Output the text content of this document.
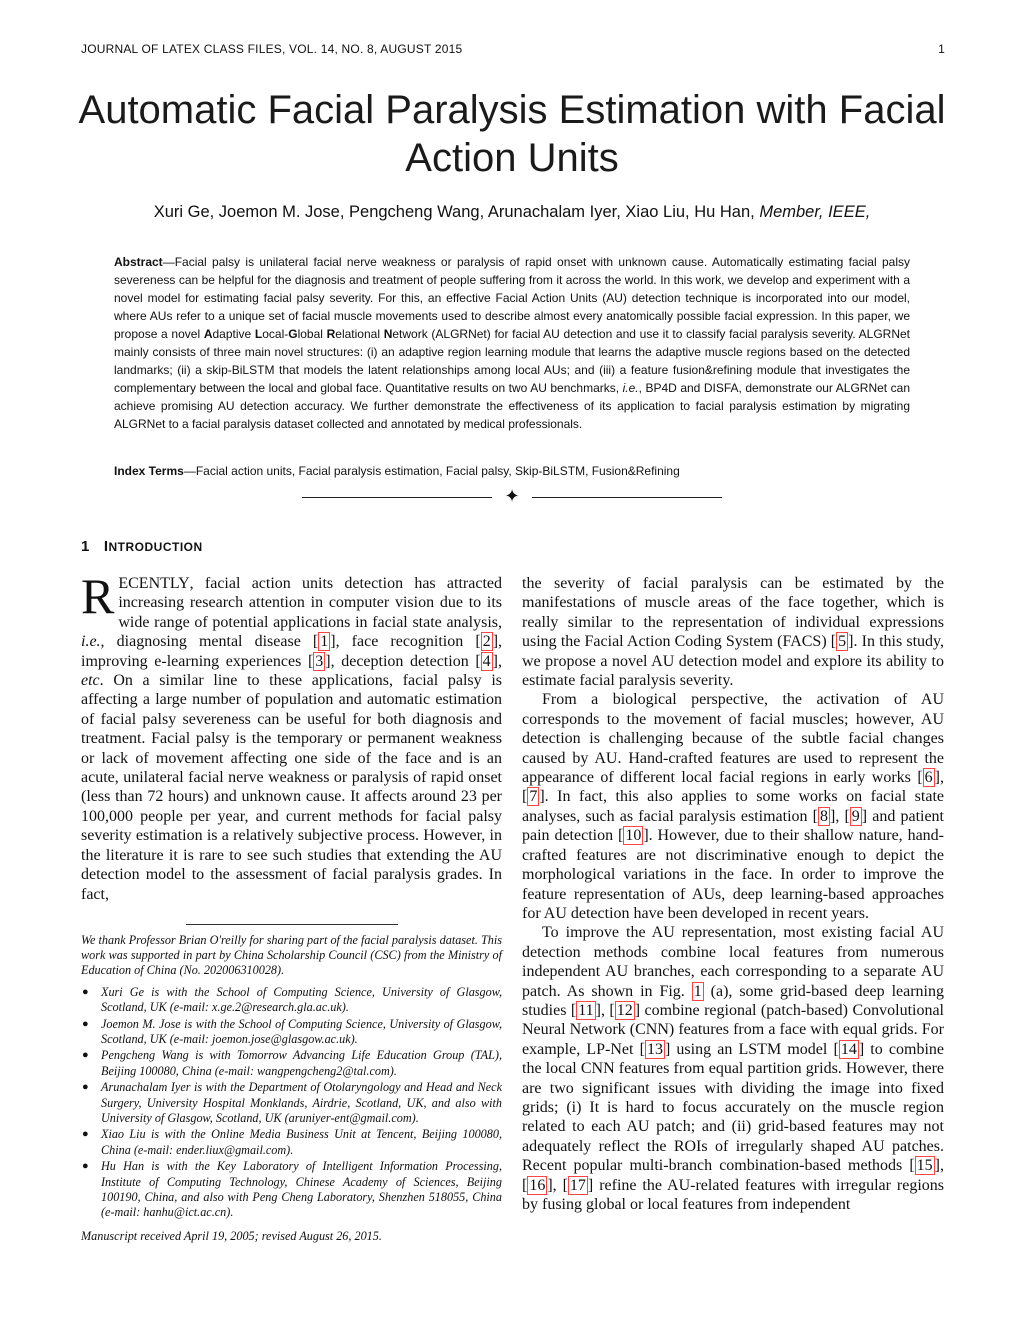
JOURNAL OF LATEX CLASS FILES, VOL. 14, NO. 8, AUGUST 2015	1
Automatic Facial Paralysis Estimation with Facial Action Units
Xuri Ge, Joemon M. Jose, Pengcheng Wang, Arunachalam Iyer, Xiao Liu, Hu Han, Member, IEEE,
Abstract—Facial palsy is unilateral facial nerve weakness or paralysis of rapid onset with unknown cause. Automatically estimating facial palsy severeness can be helpful for the diagnosis and treatment of people suffering from it across the world. In this work, we develop and experiment with a novel model for estimating facial palsy severity. For this, an effective Facial Action Units (AU) detection technique is incorporated into our model, where AUs refer to a unique set of facial muscle movements used to describe almost every anatomically possible facial expression. In this paper, we propose a novel Adaptive Local-Global Relational Network (ALGRNet) for facial AU detection and use it to classify facial paralysis severity. ALGRNet mainly consists of three main novel structures: (i) an adaptive region learning module that learns the adaptive muscle regions based on the detected landmarks; (ii) a skip-BiLSTM that models the latent relationships among local AUs; and (iii) a feature fusion&refining module that investigates the complementary between the local and global face. Quantitative results on two AU benchmarks, i.e., BP4D and DISFA, demonstrate our ALGRNet can achieve promising AU detection accuracy. We further demonstrate the effectiveness of its application to facial paralysis estimation by migrating ALGRNet to a facial paralysis dataset collected and annotated by medical professionals.
Index Terms—Facial action units, Facial paralysis estimation, Facial palsy, Skip-BiLSTM, Fusion&Refining
✦
1 INTRODUCTION

RECENTLY, facial action units detection has attracted increasing research attention in computer vision due to its wide range of potential applications in facial state analysis, i.e., diagnosing mental disease [ 1 ], face recognition [ 2 ], improving e-learning experiences [ 3 ], deception detection [ 4 ], etc. On a similar line to these applications, facial palsy is affecting a large number of population and automatic estimation of facial palsy severeness can be useful for both diagnosis and treatment. Facial palsy is the temporary or permanent weakness or lack of movement affecting one side of the face and is an acute, unilateral facial nerve weakness or paralysis of rapid onset (less than 72 hours) and unknown cause. It affects around 23 per 100,000 people per year, and current methods for facial palsy severity estimation is a relatively subjective process. However, in the literature it is rare to see such studies that extending the AU detection model to the assessment of facial paralysis grades. In fact,

We thank Professor Brian O'reilly for sharing part of the facial paralysis dataset. This work was supported in part by China Scholarship Council (CSC) from the Ministry of Education of China (No. 202006310028).

● Xuri Ge is with the School of Computing Science, University of Glasgow, Scotland, UK (e-mail: x.ge.2@research.gla.ac.uk).
● Joemon M. Jose is with the School of Computing Science, University of Glasgow, Scotland, UK (e-mail: joemon.jose@glasgow.ac.uk).
● Pengcheng Wang is with Tomorrow Advancing Life Education Group (TAL), Beijing 100080, China (e-mail: wangpengcheng2@tal.com).
● Arunachalam Iyer is with the Department of Otolaryngology and Head and Neck Surgery, University Hospital Monklands, Airdrie, Scotland, UK, and also with University of Glasgow, Scotland, UK (aruniyer-ent@gmail.com).
● Xiao Liu is with the Online Media Business Unit at Tencent, Beijing 100080, China (e-mail: ender.liux@gmail.com).
● Hu Han is with the Key Laboratory of Intelligent Information Processing, Institute of Computing Technology, Chinese Academy of Sciences, Beijing 100190, China, and also with Peng Cheng Laboratory, Shenzhen 518055, China (e-mail: hanhu@ict.ac.cn).

Manuscript received April 19, 2005; revised August 26, 2015.

the severity of facial paralysis can be estimated by the manifestations of muscle areas of the face together, which is really similar to the representation of individual expressions using the Facial Action Coding System (FACS) [ 5 ]. In this study, we propose a novel AU detection model and explore its ability to estimate facial paralysis severity.

From a biological perspective, the activation of AU corresponds to the movement of facial muscles; however, AU detection is challenging because of the subtle facial changes caused by AU. Hand-crafted features are used to represent the appearance of different local facial regions in early works [ 6 ], [ 7 ]. In fact, this also applies to some works on facial state analyses, such as facial paralysis estimation [ 8 ], [ 9 ] and patient pain detection [ 10 ]. However, due to their shallow nature, hand-crafted features are not discriminative enough to depict the morphological variations in the face. In order to improve the feature representation of AUs, deep learning-based approaches for AU detection have been developed in recent years.

To improve the AU representation, most existing facial AU detection methods combine local features from numerous independent AU branches, each corresponding to a separate AU patch. As shown in Fig. 1 (a), some grid-based deep learning studies [ 11 ], [ 12 ] combine regional (patch-based) Convolutional Neural Network (CNN) features from a face with equal grids. For example, LP-Net [ 13 ] using an LSTM model [ 14 ] to combine the local CNN features from equal partition grids. However, there are two significant issues with dividing the image into fixed grids; (i) It is hard to focus accurately on the muscle region related to each AU patch; and (ii) grid-based features may not adequately reflect the ROIs of irregularly shaped AU patches. Recent popular multi-branch combination-based methods [ 15 ], [ 16 ], [ 17 ] refine the AU-related features with irregular regions by fusing global or local features from independent
